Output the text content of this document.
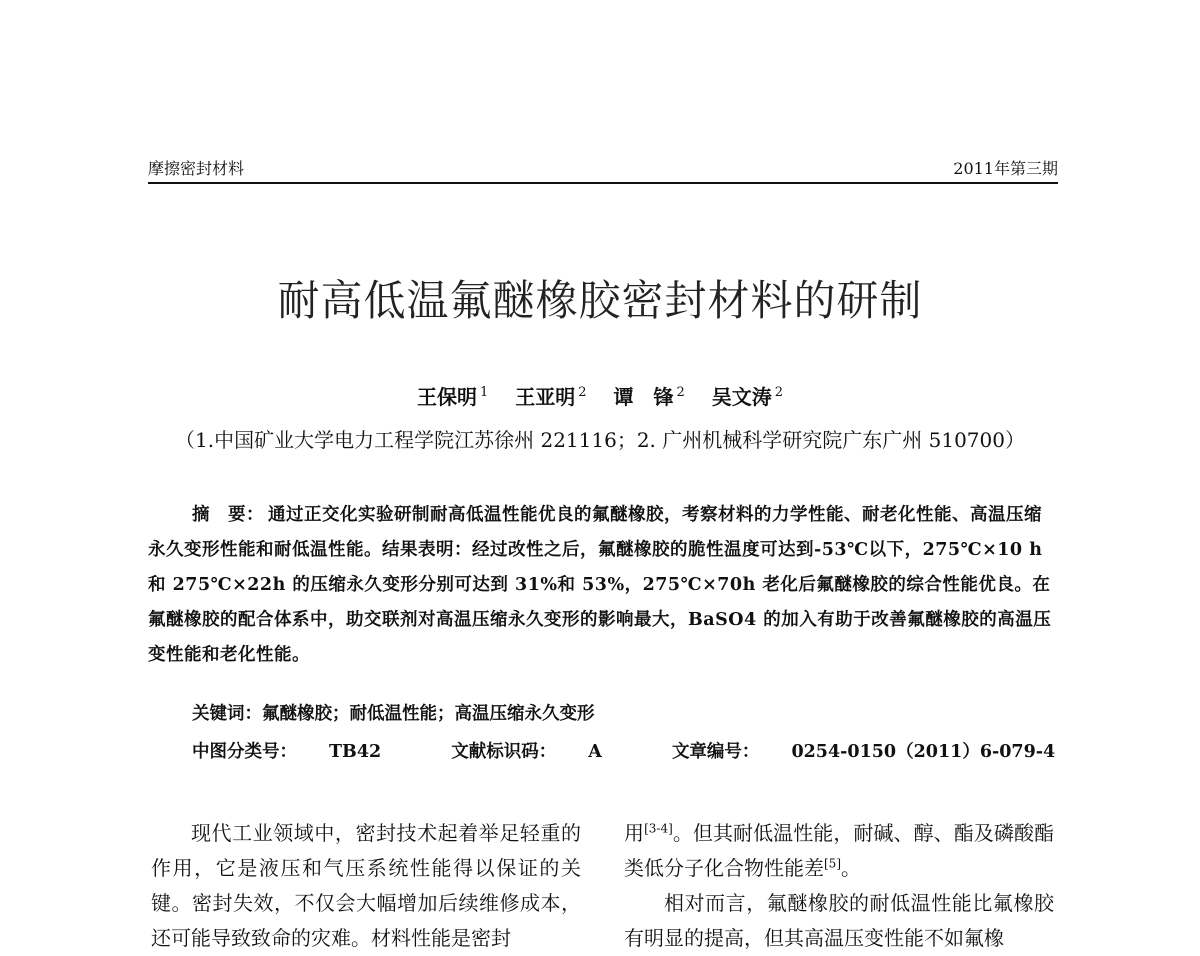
摩擦密封材料	2011年第三期
耐高低温氟醚橡胶密封材料的研制
王保明 $^1$ 王亚明 $^2$ 谭　锋 $^2$ 吴文涛 $^2$
（1.中国矿业大学电力工程学院江苏徐州 221116；2. 广州机械科学研究院广东广州 510700）
摘　要： 通过正交化实验研制耐高低温性能优良的氟醚橡胶，考察材料的力学性能、耐老化性能、高温压缩永久变形性能和耐低温性能。结果表明：经过改性之后，氟醚橡胶的脆性温度可达到-53℃以下，275℃×10 h 和 275℃×22h 的压缩永久变形分别可达到 31%和 53%，275℃×70h 老化后氟醚橡胶的综合性能优良。在氟醚橡胶的配合体系中，助交联剂对高温压缩永久变形的影响最大，BaSO4 的加入有助于改善氟醚橡胶的高温压变性能和老化性能。
关键词：氟醚橡胶；耐低温性能；高温压缩永久变形
中图分类号： TB42	文献标识码： A	文章编号： 0254-0150（2011）6-079-4

现代工业领域中，密封技术起着举足轻重的作用，它是液压和气压系统性能得以保证的关键。密封失效，不仅会大幅增加后续维修成本，还可能导致致命的灾难。材料性能是密封

用[3-4]。但其耐低温性能，耐碱、醇、酯及磷酸酯类低分子化合物性能差[5]。

相对而言，氟醚橡胶的耐低温性能比氟橡胶有明显的提高，但其高温压变性能不如氟橡
